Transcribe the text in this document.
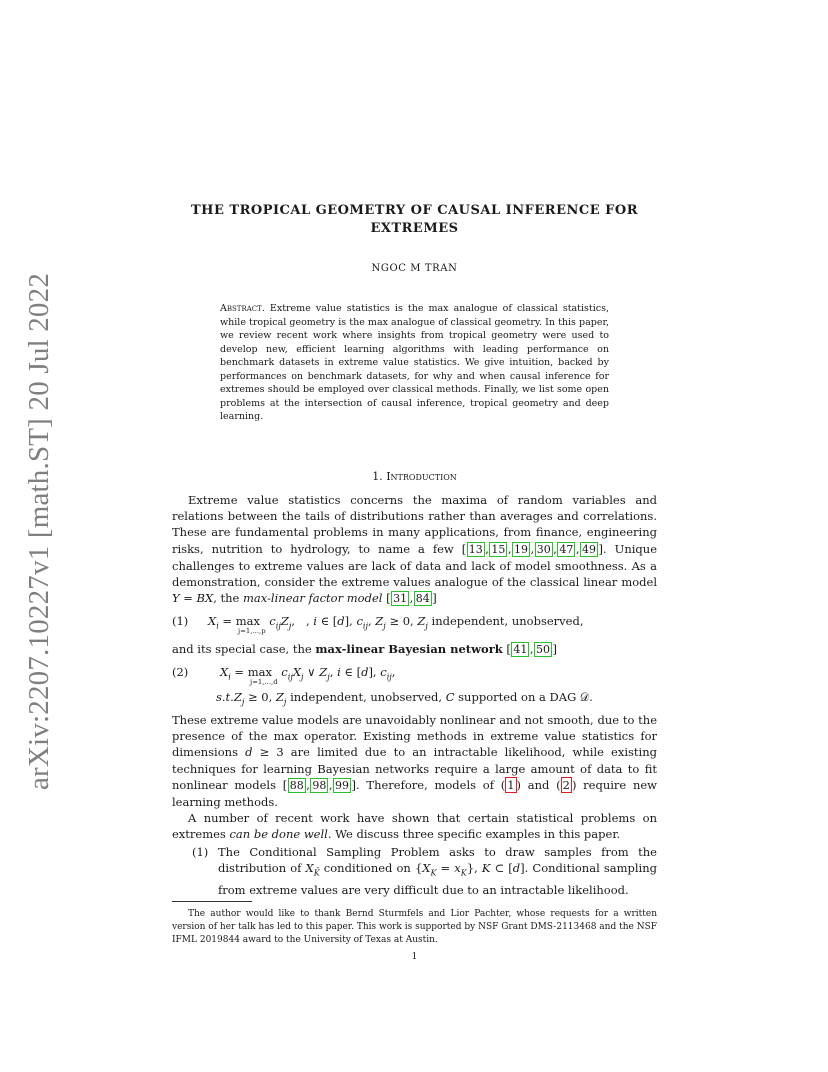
arXiv:2207.10227v1 [math.ST] 20 Jul 2022
THE TROPICAL GEOMETRY OF CAUSAL INFERENCE FOR
EXTREMES
NGOC M TRAN
Abstract. Extreme value statistics is the max analogue of classical statistics, while tropical geometry is the max analogue of classical geometry. In this paper, we review recent work where insights from tropical geometry were used to develop new, efficient learning algorithms with leading performance on benchmark datasets in extreme value statistics. We give intuition, backed by performances on benchmark datasets, for why and when causal inference for extremes should be employed over classical methods. Finally, we list some open problems at the intersection of causal inference, tropical geometry and deep learning.
1. Introduction
Extreme value statistics concerns the maxima of random variables and relations between the tails of distributions rather than averages and correlations. These are fundamental problems in many applications, from finance, engineering risks, nutrition to hydrology, to name a few [ 13 , 15 , 19 , 30 , 47 , 49 ]. Unique challenges to extreme values are lack of data and lack of model smoothness. As a demonstration, consider the extreme values analogue of the classical linear model Y = BX, the max-linear factor model [ 31 , 84 ]
(1) $X_i = \max_{j=1,...,p} c_{ij}Z_j$,   , i ∈ [d], $c_{ij}$, $Z_j \ge 0$, $Z_j$ independent, unobserved,
and its special case, the max-linear Bayesian network [ 41 , 50 ]
(2)	$X_i = \max_{j=1,...,d} c_{ij}X_j$ ∨ $Z_j$, i ∈ [d], $c_{ij}$,
$s.t.Z_j \ge 0$, $Z_j$ independent, unobserved, C supported on a DAG 𝒟.
These extreme value models are unavoidably nonlinear and not smooth, due to the presence of the max operator. Existing methods in extreme value statistics for dimensions d ≥ 3 are limited due to an intractable likelihood, while existing techniques for learning Bayesian networks require a large amount of data to fit nonlinear models [ 88 , 98 , 99 ]. Therefore, models of ( 1 ) and ( 2 ) require new learning methods.
A number of recent work have shown that certain statistical problems on extremes can be done well. We discuss three specific examples in this paper.
(1) The Conditional Sampling Problem asks to draw samples from the distribution of $X_{K̄}$ conditioned on $\{X_K = x_K\}$, K ⊂ [d]. Conditional sampling from extreme values are very difficult due to an intractable likelihood.
The author would like to thank Bernd Sturmfels and Lior Pachter, whose requests for a written version of her talk has led to this paper. This work is supported by NSF Grant DMS-2113468 and the NSF IFML 2019844 award to the University of Texas at Austin.
1
